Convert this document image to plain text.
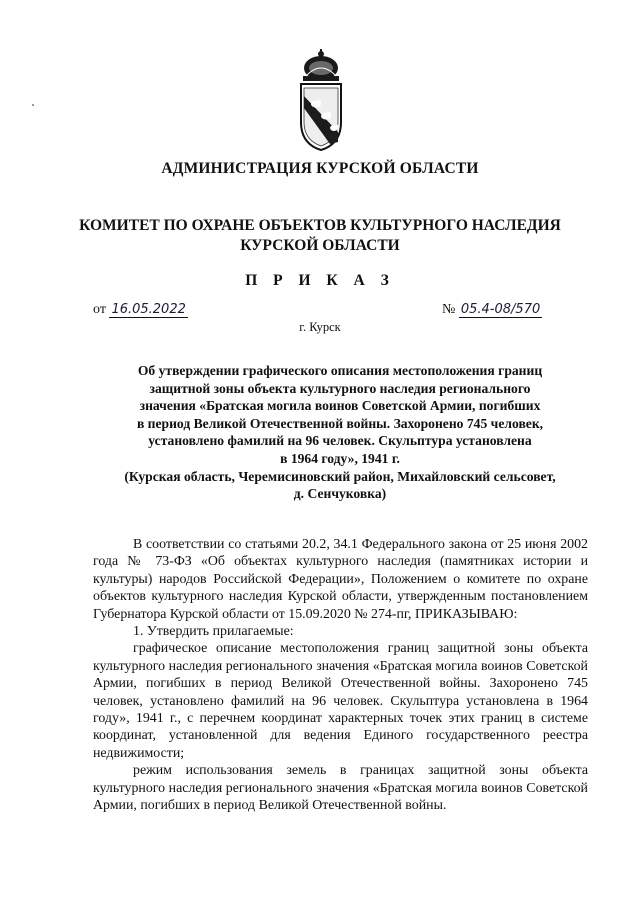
АДМИНИСТРАЦИЯ КУРСКОЙ ОБЛАСТИ
КОМИТЕТ ПО ОХРАНЕ ОБЪЕКТОВ КУЛЬТУРНОГО НАСЛЕДИЯ
КУРСКОЙ ОБЛАСТИ
П Р И К А З
от 16.05.2022	№ 05.4-08/570
г. Курск
Об утверждении графического описания местоположения границ
защитной зоны объекта культурного наследия регионального
значения «Братская могила воинов Советской Армии, погибших
в период Великой Отечественной войны. Захоронено 745 человек,
установлено фамилий на 96 человек. Скульптура установлена
в 1964 году», 1941 г.
(Курская область, Черемисиновский район, Михайловский сельсовет,
д. Сенчуковка)

В соответствии со статьями 20.2, 34.1 Федерального закона от 25 июня 2002 года № 73-ФЗ «Об объектах культурного наследия (памятниках истории и культуры) народов Российской Федерации», Положением о комитете по охране объектов культурного наследия Курской области, утвержденным постановлением Губернатора Курской области от 15.09.2020 № 274-пг, ПРИКАЗЫВАЮ:

1. Утвердить прилагаемые:

графическое описание местоположения границ защитной зоны объекта культурного наследия регионального значения «Братская могила воинов Советской Армии, погибших в период Великой Отечественной войны. Захоронено 745 человек, установлено фамилий на 96 человек. Скульптура установлена в 1964 году», 1941 г., с перечнем координат характерных точек этих границ в системе координат, установленной для ведения Единого государственного реестра недвижимости;

режим использования земель в границах защитной зоны объекта культурного наследия регионального значения «Братская могила воинов Советской Армии, погибших в период Великой Отечественной войны.
